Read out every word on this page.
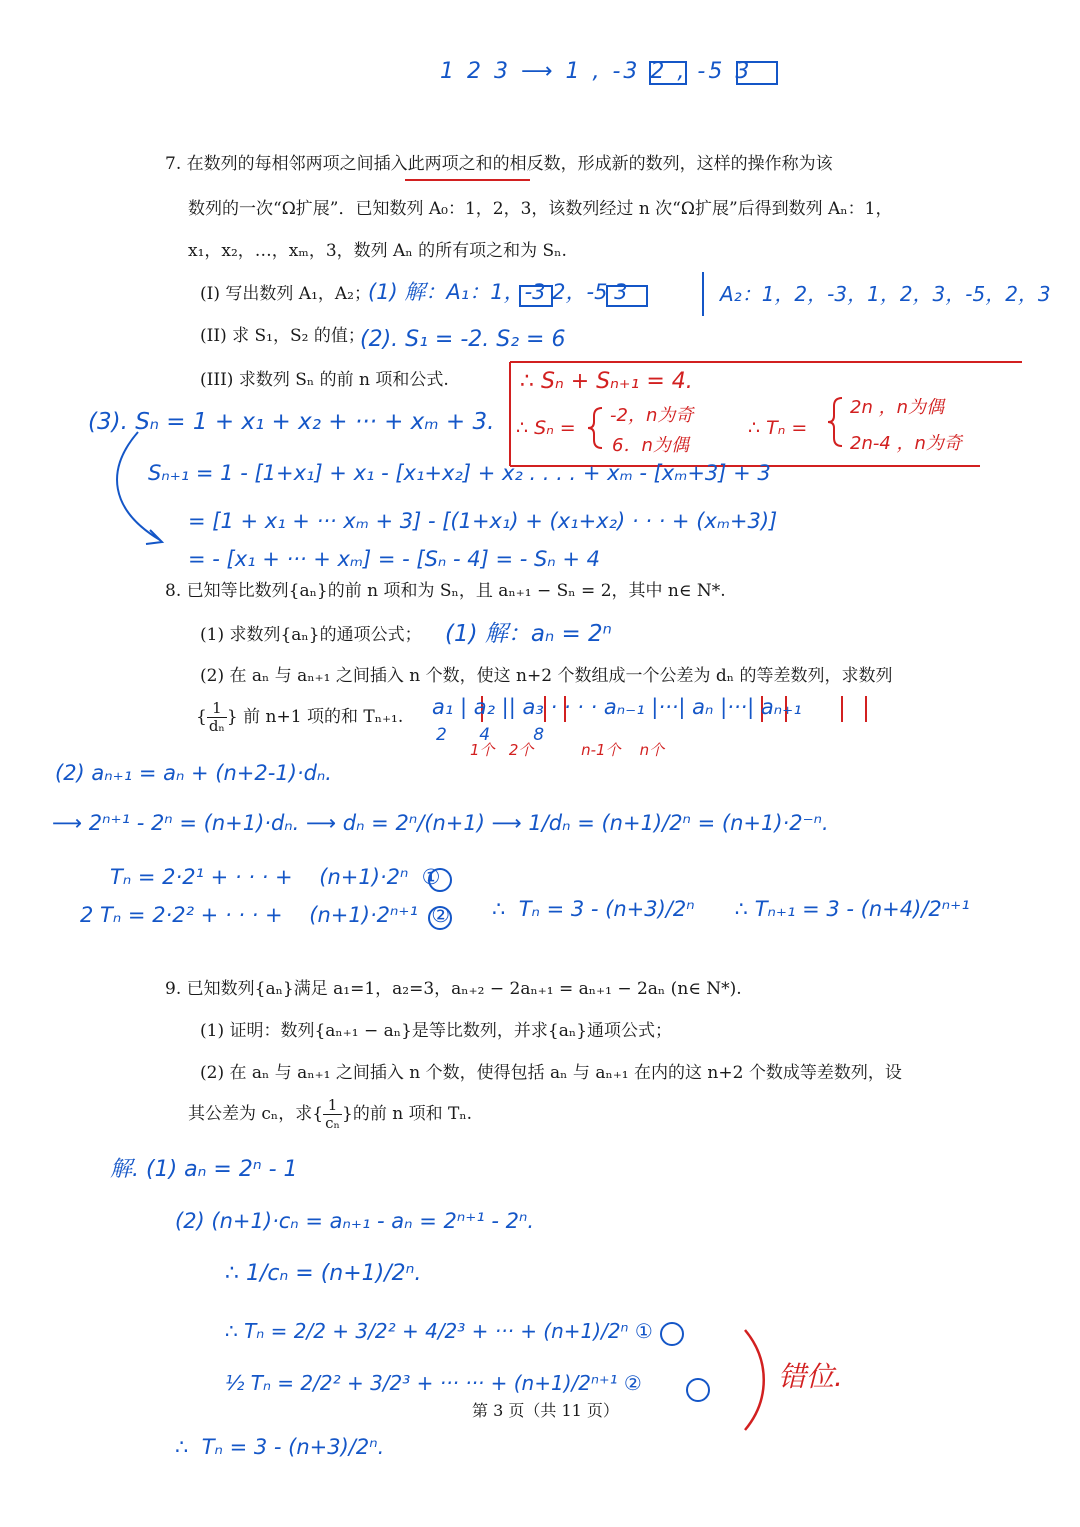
1 2 3 ⟶ 1 , -3 2 , -5 3
7. 在数列的每相邻两项之间插入此两项之和的相反数，形成新的数列，这样的操作称为该
数列的一次“Ω扩展”．已知数列 A₀：1，2，3，该数列经过 n 次“Ω扩展”后得到数列 Aₙ：1，
x₁，x₂，…，xₘ，3，数列 Aₙ 的所有项之和为 Sₙ.
(I) 写出数列 A₁，A₂；
(II) 求 S₁，S₂ 的值；
(III) 求数列 Sₙ 的前 n 项和公式.
(1) 解：A₁：1，-3 2，-5 3	A₂：1，2，-3，1，2，3，-5，2，3
(2). S₁ = -2. S₂ = 6
∴ Sₙ + Sₙ₊₁ = 4.
∴ Sₙ =
-2，n为奇
6．n为偶
∴ Tₙ =
2n ，n为偶
2n-4 ，n为奇
(3). Sₙ = 1 + x₁ + x₂ + ··· + xₘ + 3.
Sₙ₊₁ = 1 - [1+x₁] + x₁ - [x₁+x₂] + x₂ . . . . + xₘ - [xₘ+3] + 3
= [1 + x₁ + ··· xₘ + 3] - [(1+x₁) + (x₁+x₂) · · · + (xₘ+3)]
= - [x₁ + ··· + xₘ] = - [Sₙ - 4] = - Sₙ + 4
8. 已知等比数列{aₙ}的前 n 项和为 Sₙ，且 aₙ₊₁ − Sₙ = 2，其中 n∈ N*.
(1) 求数列{aₙ}的通项公式；
(2) 在 aₙ 与 aₙ₊₁ 之间插入 n 个数，使这 n+2 个数组成一个公差为 dₙ 的等差数列，求数列
{ $\frac{1}{\text{dₙ}}$ } 前 n+1 项的和 Tₙ₊₁.
(1) 解：aₙ = 2ⁿ
a₁ | a₂ || a₃ · · · · aₙ₋₁ |···| aₙ |···| aₙ₊₁
2      4        8
1个   2个          n-1个    n个
(2) aₙ₊₁ = aₙ + (n+2-1)·dₙ.
⟶ 2ⁿ⁺¹ - 2ⁿ = (n+1)·dₙ. ⟶ dₙ = 2ⁿ/(n+1) ⟶ 1/dₙ = (n+1)/2ⁿ = (n+1)·2⁻ⁿ.
Tₙ = 2·2¹ + · · · +    (n+1)·2ⁿ  ①
2 Tₙ = 2·2² + · · · +    (n+1)·2ⁿ⁺¹  ② ∴  Tₙ = 3 - (n+3)/2ⁿ      ∴ Tₙ₊₁ = 3 - (n+4)/2ⁿ⁺¹
9. 已知数列{aₙ}满足 a₁=1，a₂=3，aₙ₊₂ − 2aₙ₊₁ = aₙ₊₁ − 2aₙ (n∈ N*).
(1) 证明：数列{aₙ₊₁ − aₙ}是等比数列，并求{aₙ}通项公式；
(2) 在 aₙ 与 aₙ₊₁ 之间插入 n 个数，使得包括 aₙ 与 aₙ₊₁ 在内的这 n+2 个数成等差数列，设
其公差为 cₙ，求{ $\frac{1}{\text{cₙ}}$ }的前 n 项和 Tₙ.
解. (1) aₙ = 2ⁿ - 1
(2) (n+1)·cₙ = aₙ₊₁ - aₙ = 2ⁿ⁺¹ - 2ⁿ.
∴ 1/cₙ = (n+1)/2ⁿ.
∴ Tₙ = 2/2 + 3/2² + 4/2³ + ··· + (n+1)/2ⁿ ①
½ Tₙ = 2/2² + 3/2³ + ··· ··· + (n+1)/2ⁿ⁺¹ ②
∴  Tₙ = 3 - (n+3)/2ⁿ.
错位.
第 3 页（共 11 页）
